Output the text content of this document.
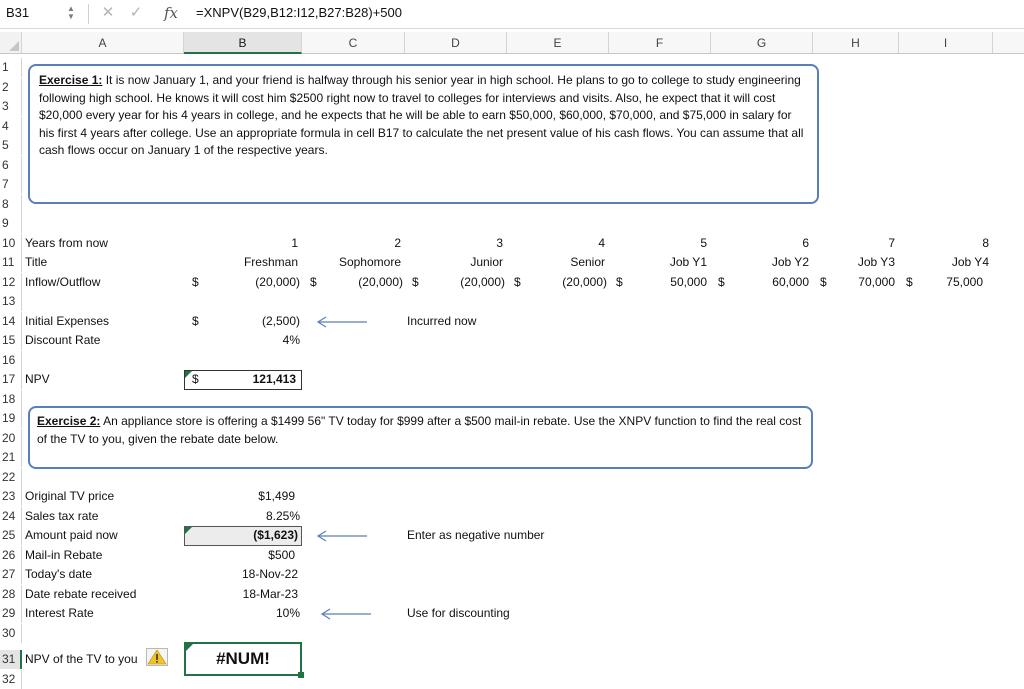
B31	▲
▼ ✕ ✓ fx =XNPV(B29,B12:I12,B27:B28)+500
A	B	C	D	E	F	G	H	I
1
2
3
4
5
6
7
8
9
10
11
12
13
14
15
16
17
18
19
20
21
22
23
24
25
26
27
28
29
30
31
32
Exercise 1: It is now January 1, and your friend is halfway through his senior year in high school. He plans to go to college to study engineering following high school. He knows it will cost him $2500 right now to travel to colleges for interviews and visits. Also, he expect that it will cost $20,000 every year for his 4 years in college, and he expects that he will be able to earn $50,000, $60,000, $70,000, and $75,000 in salary for his first 4 years after college. Use an appropriate formula in cell B17 to calculate the net present value of his cash flows. You can assume that all cash flows occur on January 1 of the respective years.
Years from now	1	2	3	4	5	6	7	8
Title	Freshman	Sophomore	Junior	Senior	Job Y1	Job Y2	Job Y3	Job Y4
Inflow/Outflow	$	(20,000) $	(20,000) $	(20,000) $	(20,000) $	50,000 $	60,000 $	70,000 $	75,000
Initial Expenses	$	(2,500)	Incurred now
Discount Rate	4%
NPV	$	121,413
Exercise 2: An appliance store is offering a $1499 56" TV today for $999 after a $500 mail-in rebate. Use the XNPV function to find the real cost of the TV to you, given the rebate date below.
Original TV price	$1,499
Sales tax rate	8.25%
Amount paid now	($1,623)	Enter as negative number
Mail-in Rebate	$500
Today's date	18-Nov-22
Date rebate received	18-Mar-23
Interest Rate	10%	Use for discounting
NPV of the TV to you	#NUM!
